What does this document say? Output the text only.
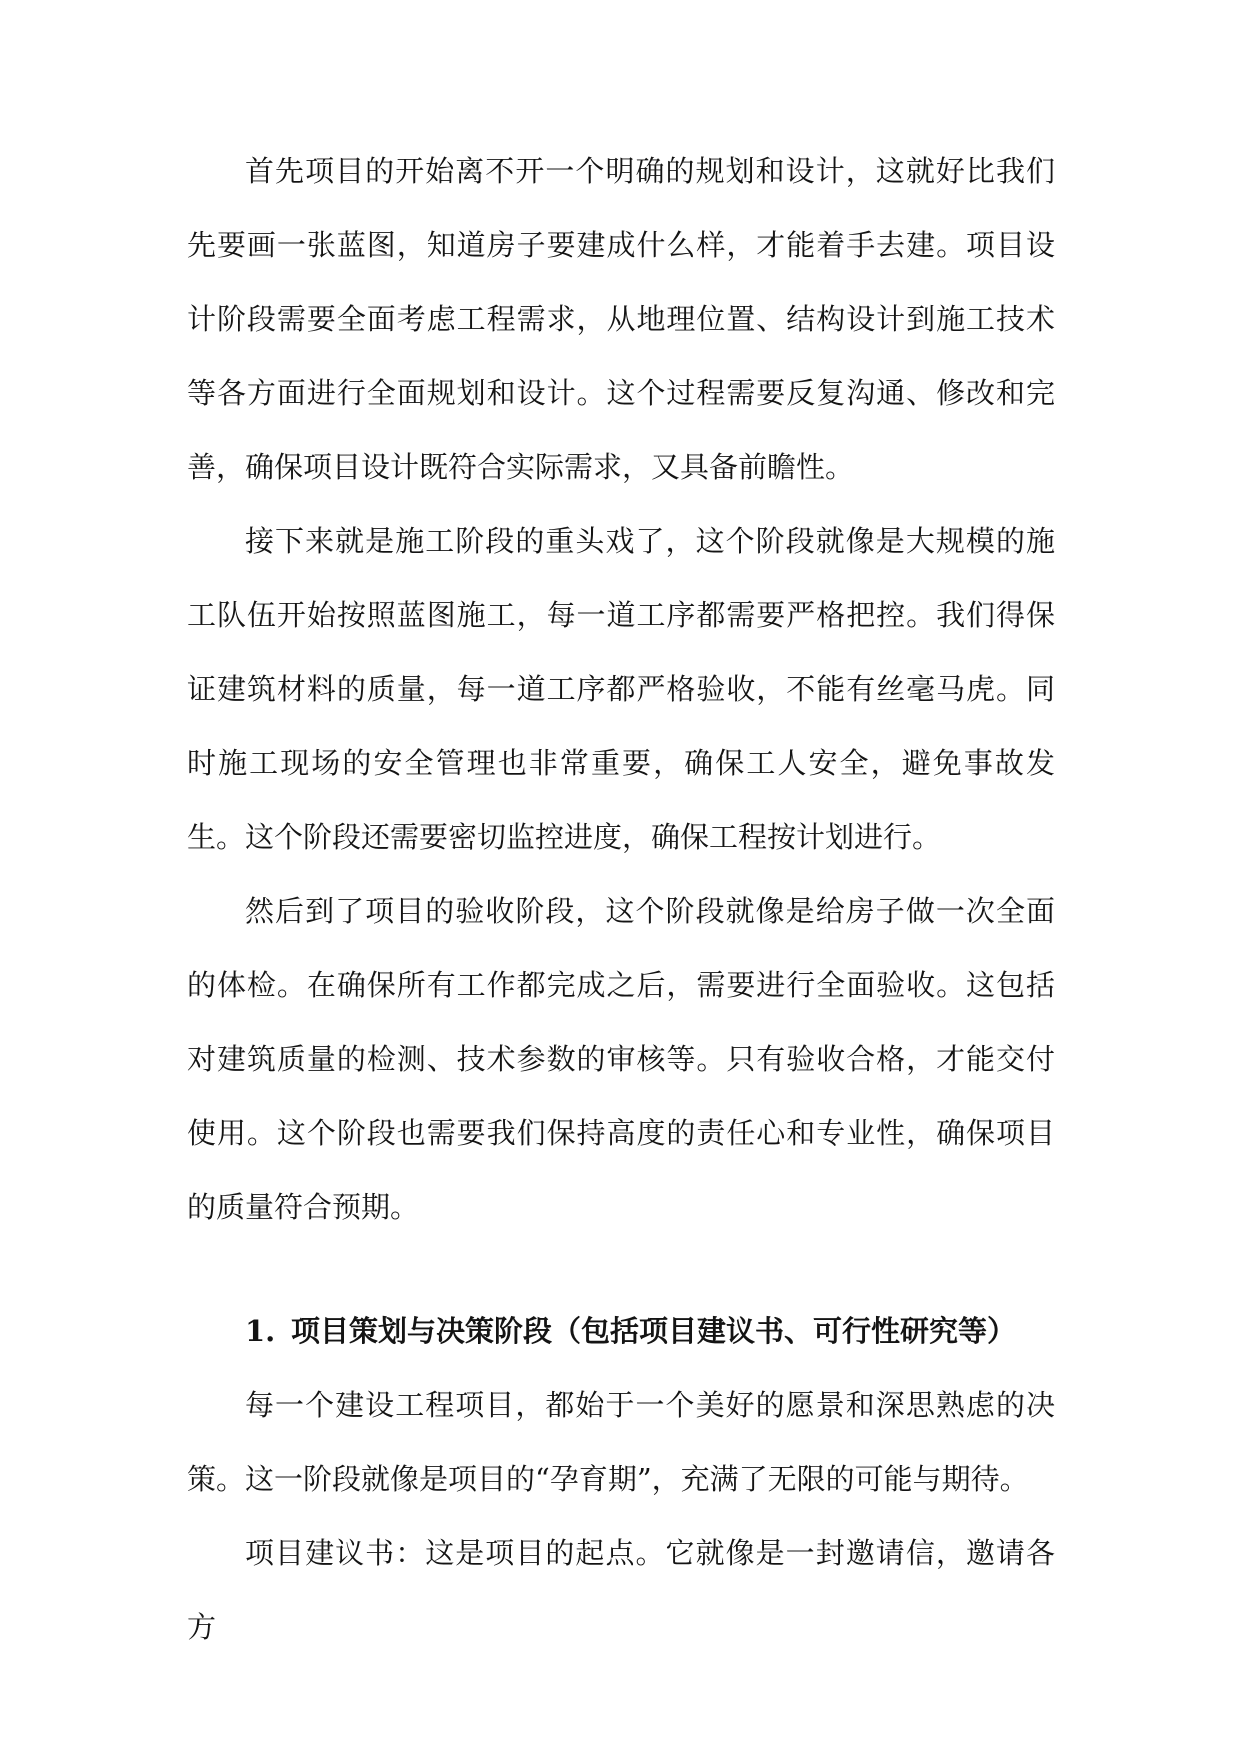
首先项目的开始离不开一个明确的规划和设计，这就好比我们先要画一张蓝图，知道房子要建成什么样，才能着手去建。项目设计阶段需要全面考虑工程需求，从地理位置、结构设计到施工技术等各方面进行全面规划和设计。这个过程需要反复沟通、修改和完善，确保项目设计既符合实际需求，又具备前瞻性。

接下来就是施工阶段的重头戏了，这个阶段就像是大规模的施工队伍开始按照蓝图施工，每一道工序都需要严格把控。我们得保证建筑材料的质量，每一道工序都严格验收，不能有丝毫马虎。同时施工现场的安全管理也非常重要，确保工人安全，避免事故发生。这个阶段还需要密切监控进度，确保工程按计划进行。

然后到了项目的验收阶段，这个阶段就像是给房子做一次全面的体检。在确保所有工作都完成之后，需要进行全面验收。这包括对建筑质量的检测、技术参数的审核等。只有验收合格，才能交付使用。这个阶段也需要我们保持高度的责任心和专业性，确保项目的质量符合预期。

1. 项目策划与决策阶段（包括项目建议书、可行性研究等）

每一个建设工程项目，都始于一个美好的愿景和深思熟虑的决策。这一阶段就像是项目的“孕育期”，充满了无限的可能与期待。

项目建议书：这是项目的起点。它就像是一封邀请信，邀请各方
